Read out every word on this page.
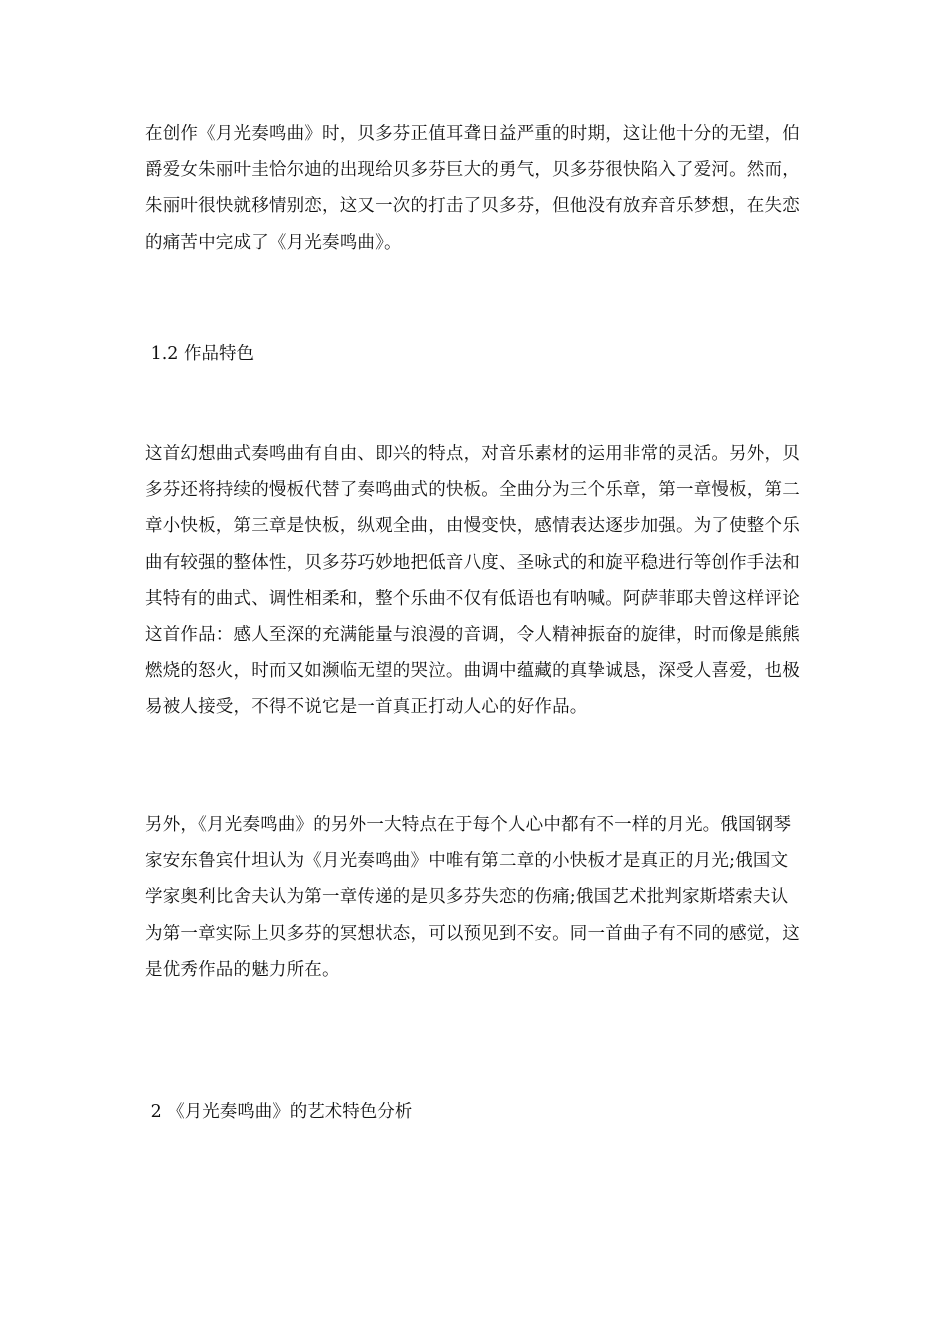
在创作《月光奏鸣曲》时，贝多芬正值耳聋日益严重的时期，这让他十分的无望，伯爵爱女朱丽叶圭恰尔迪的出现给贝多芬巨大的勇气，贝多芬很快陷入了爱河。然而，朱丽叶很快就移情别恋，这又一次的打击了贝多芬，但他没有放弃音乐梦想，在失恋的痛苦中完成了《月光奏鸣曲》。

1.2 作品特色

这首幻想曲式奏鸣曲有自由、即兴的特点，对音乐素材的运用非常的灵活。另外，贝多芬还将持续的慢板代替了奏鸣曲式的快板。全曲分为三个乐章，第一章慢板，第二章小快板，第三章是快板，纵观全曲，由慢变快，感情表达逐步加强。为了使整个乐曲有较强的整体性，贝多芬巧妙地把低音八度、圣咏式的和旋平稳进行等创作手法和其特有的曲式、调性相柔和，整个乐曲不仅有低语也有呐喊。阿萨菲耶夫曾这样评论这首作品：感人至深的充满能量与浪漫的音调，令人精神振奋的旋律，时而像是熊熊燃烧的怒火，时而又如濒临无望的哭泣。曲调中蕴藏的真挚诚恳，深受人喜爱，也极易被人接受，不得不说它是一首真正打动人心的好作品。

另外，《月光奏鸣曲》的另外一大特点在于每个人心中都有不一样的月光。俄国钢琴家安东鲁宾什坦认为《月光奏鸣曲》中唯有第二章的小快板才是真正的月光;俄国文学家奥利比舍夫认为第一章传递的是贝多芬失恋的伤痛;俄国艺术批判家斯塔索夫认为第一章实际上贝多芬的冥想状态，可以预见到不安。同一首曲子有不同的感觉，这是优秀作品的魅力所在。

2 《月光奏鸣曲》的艺术特色分析
